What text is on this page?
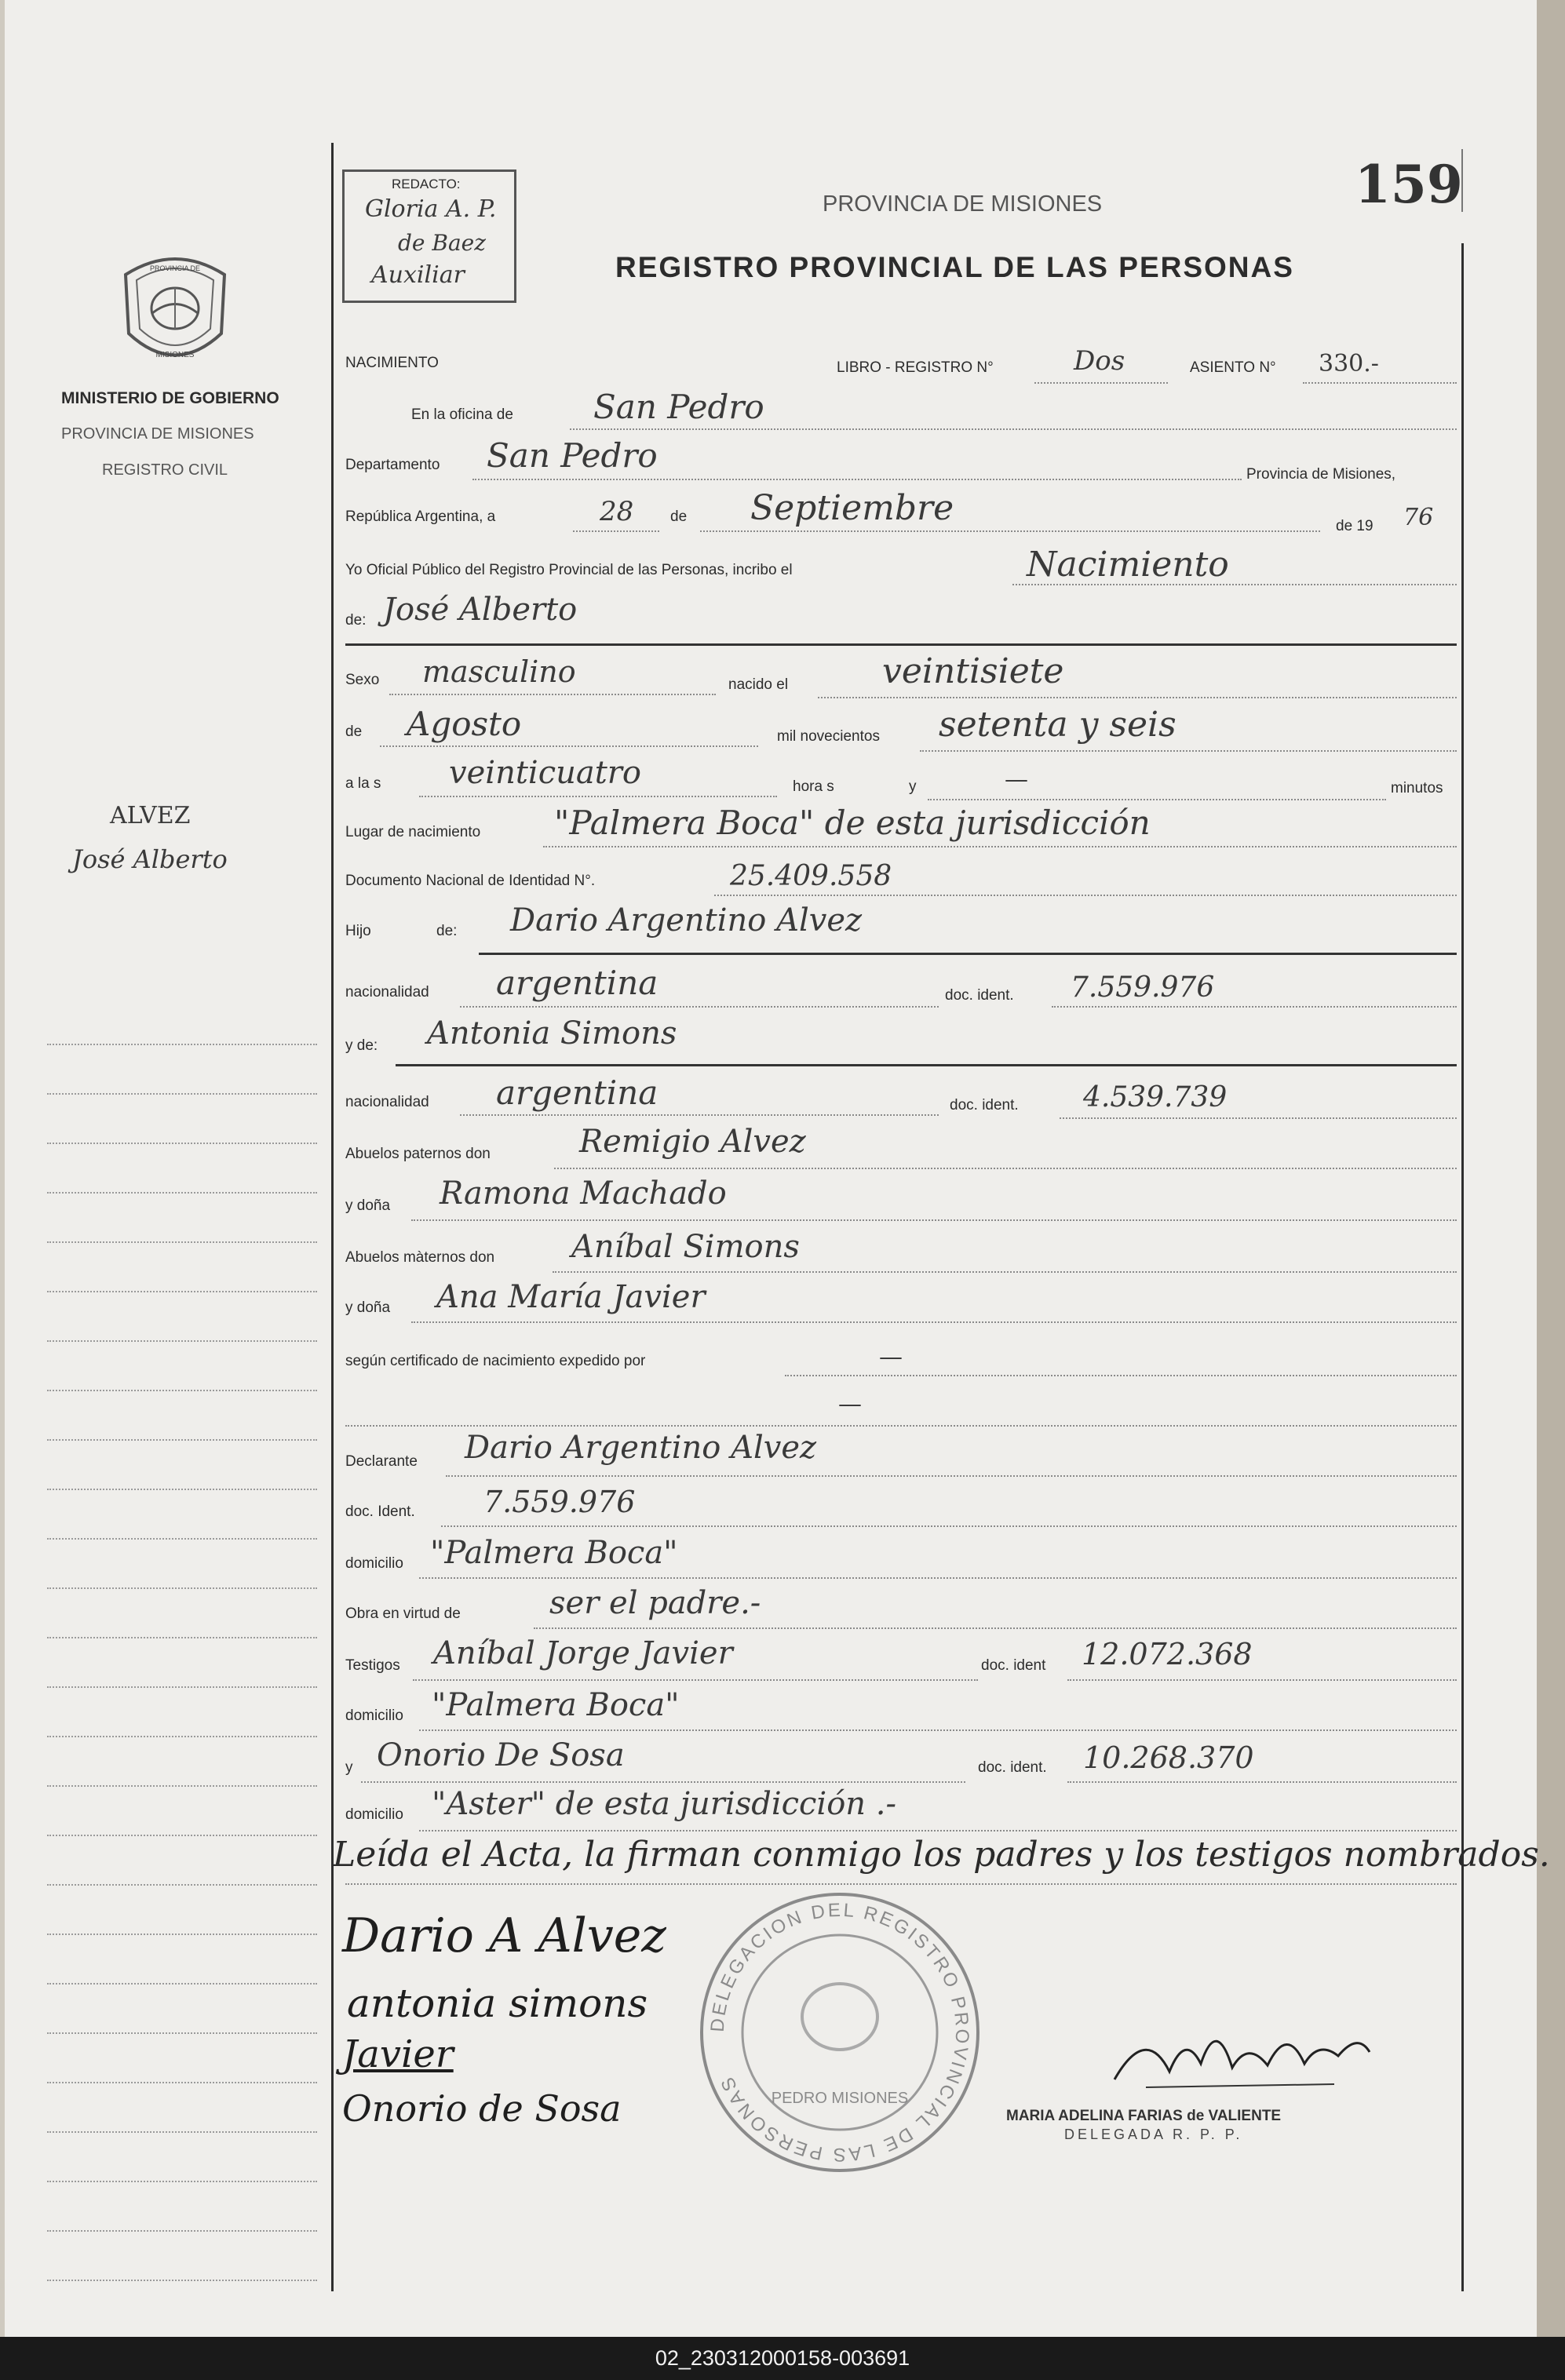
PROVINCIA DE
MISIONES
MINISTERIO DE GOBIERNO
PROVINCIA DE MISIONES
REGISTRO CIVIL
ALVEZ
José Alberto
REDACTO:
Gloria A. P.
de Baez
Auxiliar
PROVINCIA DE MISIONES
REGISTRO PROVINCIAL DE LAS PERSONAS
159
NACIMIENTO	LIBRO - REGISTRO N°	Dos	ASIENTO N° 330.-
En la oficina de San Pedro
Departamento San Pedro	Provincia de Misiones,
República Argentina, a	28 de Septiembre	de 19 76
Yo Oficial Público del Registro Provincial de las Personas, incribo el	Nacimiento
de: José Alberto
Sexo masculino	nacido el	veintisiete
de Agosto	mil novecientos setenta y seis
a la s veinticuatro	hora s	y	—	minutos
Lugar de nacimiento "Palmera Boca" de esta jurisdicción
Documento Nacional de Identidad N°.	25.409.558
Hijo	de: Dario Argentino Alvez
nacionalidad argentina	doc. ident. 7.559.976
y de: Antonia Simons
nacionalidad argentina	doc. ident. 4.539.739
Abuelos paternos don	Remigio Alvez
y doña Ramona Machado
Abuelos màternos don Aníbal Simons
y doña Ana María Javier
según certificado de nacimiento expedido por	—
—
Declarante Dario Argentino Alvez
doc. Ident. 7.559.976
domicilio "Palmera Boca"
Obra en virtud de	ser el padre.-
Testigos Aníbal Jorge Javier	doc. ident 12.072.368
domicilio "Palmera Boca"
y Onorio De Sosa	doc. ident. 10.268.370
domicilio "Aster" de esta jurisdicción .-
Leída el Acta, la firman conmigo los padres y los testigos nombrados.
Dario A Alvez
antonia simons
Javier
Onorio de Sosa
DELEGACION DEL REGISTRO PROVINCIAL DE LAS PERSONAS
PEDRO MISIONES
MARIA ADELINA FARIAS de VALIENTE
DELEGADA R. P. P.
02_230312000158-003691
